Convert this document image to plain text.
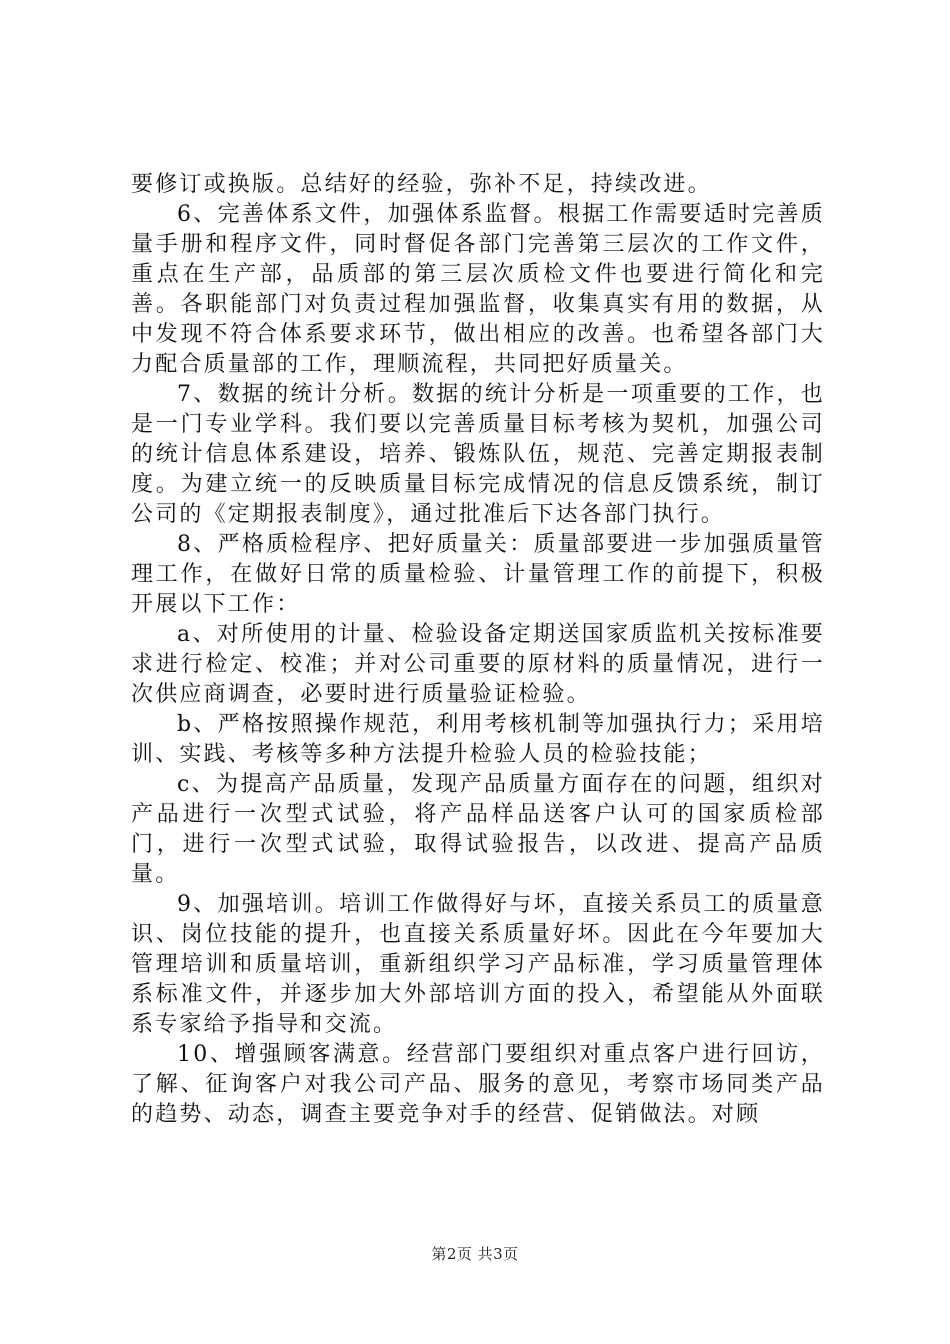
要修订或换版。总结好的经验，弥补不足，持续改进。

6、完善体系文件，加强体系监督。根据工作需要适时完善质量手册和程序文件，同时督促各部门完善第三层次的工作文件，重点在生产部，品质部的第三层次质检文件也要进行简化和完善。各职能部门对负责过程加强监督，收集真实有用的数据，从中发现不符合体系要求环节，做出相应的改善。也希望各部门大力配合质量部的工作，理顺流程，共同把好质量关。

7、数据的统计分析。数据的统计分析是一项重要的工作，也是一门专业学科。我们要以完善质量目标考核为契机，加强公司的统计信息体系建设，培养、锻炼队伍，规范、完善定期报表制度。为建立统一的反映质量目标完成情况的信息反馈系统，制订公司的《定期报表制度》，通过批准后下达各部门执行。

8、严格质检程序、把好质量关：质量部要进一步加强质量管理工作，在做好日常的质量检验、计量管理工作的前提下，积极开展以下工作：

a、对所使用的计量、检验设备定期送国家质监机关按标准要求进行检定、校准；并对公司重要的原材料的质量情况，进行一次供应商调查，必要时进行质量验证检验。

b、严格按照操作规范，利用考核机制等加强执行力；采用培训、实践、考核等多种方法提升检验人员的检验技能；

c、为提高产品质量，发现产品质量方面存在的问题，组织对产品进行一次型式试验，将产品样品送客户认可的国家质检部门，进行一次型式试验，取得试验报告，以改进、提高产品质量。

9、加强培训。培训工作做得好与坏，直接关系员工的质量意识、岗位技能的提升，也直接关系质量好坏。因此在今年要加大管理培训和质量培训，重新组织学习产品标准，学习质量管理体系标准文件，并逐步加大外部培训方面的投入，希望能从外面联系专家给予指导和交流。

10、增强顾客满意。经营部门要组织对重点客户进行回访，了解、征询客户对我公司产品、服务的意见，考察市场同类产品的趋势、动态，调查主要竞争对手的经营、促销做法。对顾

第2页 共3页
